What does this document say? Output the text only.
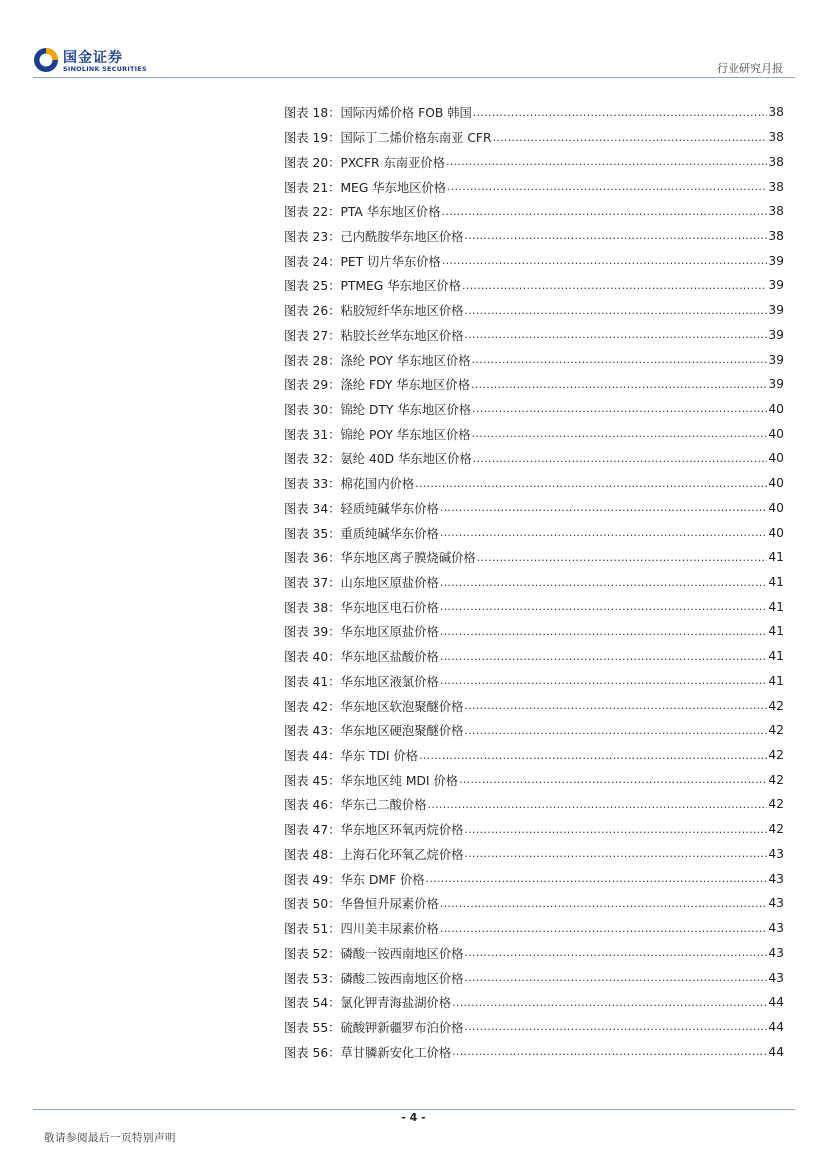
国金证券
SINOLINK SECURITIES	行业研究月报
图表 18：国际丙烯价格 FOB 韩国 .....	38
图表 19：国际丁二烯价格东南亚 CFR .....	38
图表 20：PXCFR 东南亚价格 .....	38
图表 21：MEG 华东地区价格 .....	38
图表 22：PTA 华东地区价格 .....	38
图表 23：己内酰胺华东地区价格 .....	38
图表 24：PET 切片华东价格 .....	39
图表 25：PTMEG 华东地区价格 .....	39
图表 26：粘胶短纤华东地区价格 .....	39
图表 27：粘胶长丝华东地区价格 .....	39
图表 28：涤纶 POY 华东地区价格 .....	39
图表 29：涤纶 FDY 华东地区价格 .....	39
图表 30：锦纶 DTY 华东地区价格 .....	40
图表 31：锦纶 POY 华东地区价格 .....	40
图表 32：氨纶 40D 华东地区价格 .....	40
图表 33：棉花国内价格 .....	40
图表 34：轻质纯碱华东价格 .....	40
图表 35：重质纯碱华东价格 .....	40
图表 36：华东地区离子膜烧碱价格 .....	41
图表 37：山东地区原盐价格 .....	41
图表 38：华东地区电石价格 .....	41
图表 39：华东地区原盐价格 .....	41
图表 40：华东地区盐酸价格 .....	41
图表 41：华东地区液氯价格 .....	41
图表 42：华东地区软泡聚醚价格 .....	42
图表 43：华东地区硬泡聚醚价格 .....	42
图表 44：华东 TDI 价格 .....	42
图表 45：华东地区纯 MDI 价格 .....	42
图表 46：华东己二酸价格 .....	42
图表 47：华东地区环氧丙烷价格 .....	42
图表 48：上海石化环氧乙烷价格 .....	43
图表 49：华东 DMF 价格 .....	43
图表 50：华鲁恒升尿素价格 .....	43
图表 51：四川美丰尿素价格 .....	43
图表 52：磷酸一铵西南地区价格 .....	43
图表 53：磷酸二铵西南地区价格 .....	43
图表 54：氯化钾青海盐湖价格 .....	44
图表 55：硫酸钾新疆罗布泊价格 .....	44
图表 56：草甘膦新安化工价格 .....	44
- 4 -
敬请参阅最后一页特别声明
